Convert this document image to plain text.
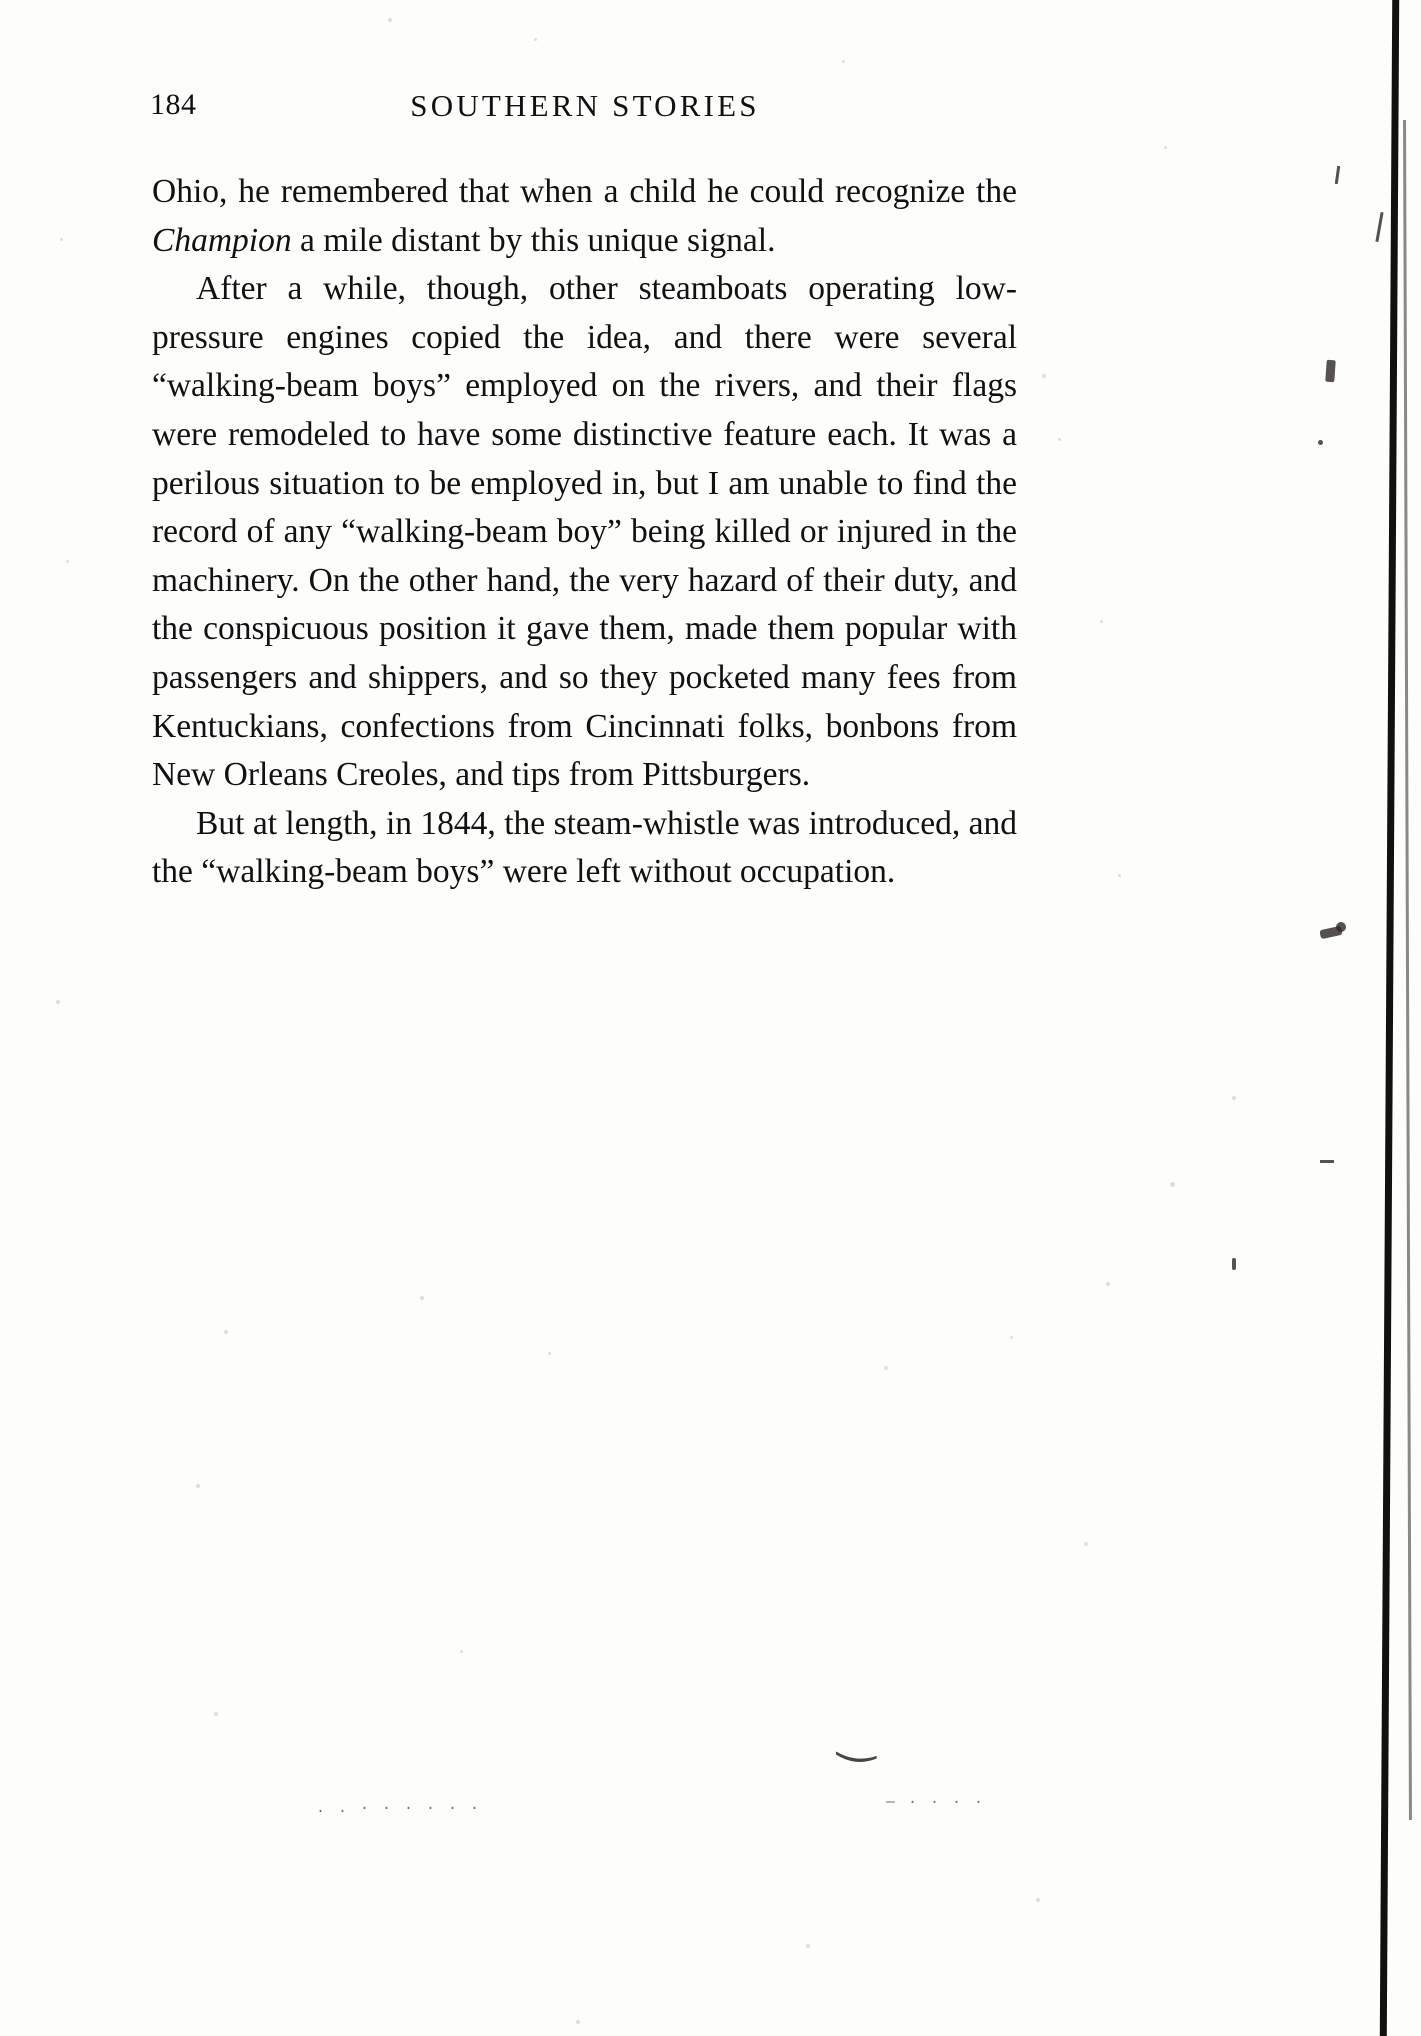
184	SOUTHERN STORIES

Ohio, he remembered that when a child he could recognize the Champion a mile distant by this unique signal.

After a while, though, other steamboats operating low-pressure engines copied the idea, and there were several “walking-beam boys” employed on the rivers, and their flags were remodeled to have some distinctive feature each. It was a perilous situation to be employed in, but I am unable to find the record of any “walking-beam boy” being killed or injured in the machinery. On the other hand, the very hazard of their duty, and the conspicuous position it gave them, made them popular with passengers and shippers, and so they pocketed many fees from Kentuckians, confections from Cincinnati folks, bonbons from New Orleans Creoles, and tips from Pittsburgers.

But at length, in 1844, the steam-whistle was introduced, and the “walking-beam boys” were left without occupation.

‿
. . · · · · · ·	— · · · ·
